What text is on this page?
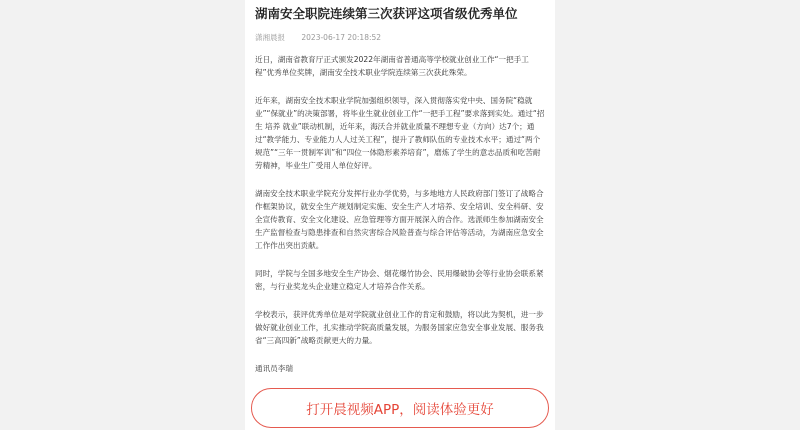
湖南安全职院连续第三次获评这项省级优秀单位
潇湘晨报 2023-06-17 20:18:52

近日，湖南省教育厅正式颁发2022年湖南省普通高等学校就业创业工作“一把手工程”优秀单位奖牌，湖南安全技术职业学院连续第三次获此殊荣。

近年来，湖南安全技术职业学院加强组织领导，深入贯彻落实党中央、国务院“稳就业”“保就业”的决策部署，将毕业生就业创业工作“一把手工程”要求落到实处。通过“招生 培养 就业”联动机制，近年来，海沃合并就业质量不理想专业（方向）达7个；通过“教学能力、专业能力人人过关工程”，提升了教师队伍的专业技术水平；通过“两个规范”“三年一贯制军训”和“四位一体隐形素养培育”，磨炼了学生的意志品质和吃苦耐劳精神，毕业生广受用人单位好评。

湖南安全技术职业学院充分发挥行业办学优势，与多地地方人民政府部门签订了战略合作框架协议，就安全生产规划制定实施、安全生产人才培养、安全培训、安全科研、安全宣传教育、安全文化建设、应急管理等方面开展深入的合作。选派师生参加湖南安全生产监督检查与隐患排查和自然灾害综合风险普查与综合评估等活动，为湖南应急安全工作作出突出贡献。

同时，学院与全国多地安全生产协会、烟花爆竹协会、民用爆破协会等行业协会联系紧密，与行业奖龙头企业建立稳定人才培养合作关系。

学校表示，获评优秀单位是对学院就业创业工作的肯定和鼓励，将以此为契机，进一步做好就业创业工作，扎实推动学院高质量发展，为服务国家应急安全事业发展、服务我省“三高四新”战略贡献更大的力量。

通讯员李瑞

打开晨视频APP，阅读体验更好
